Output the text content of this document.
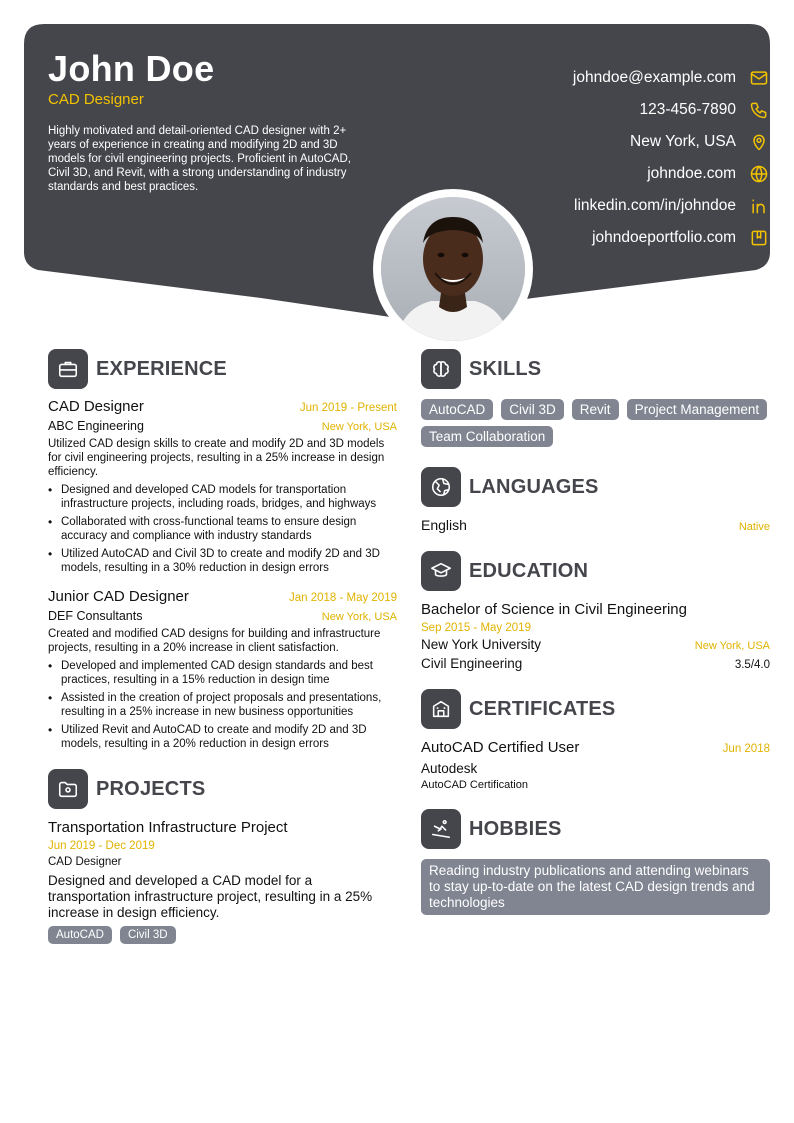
John Doe
CAD Designer
Highly motivated and detail-oriented CAD designer with 2+ years of experience in creating and modifying 2D and 3D models for civil engineering projects. Proficient in AutoCAD, Civil 3D, and Revit, with a strong understanding of industry standards and best practices.
johndoe@example.com
123-456-7890
New York, USA
johndoe.com
linkedin.com/in/johndoe
johndoeportfolio.com
EXPERIENCE
CAD Designer	Jun 2019 - Present
ABC Engineering	New York, USA
Utilized CAD design skills to create and modify 2D and 3D models for civil engineering projects, resulting in a 25% increase in design efficiency.
• Designed and developed CAD models for transportation infrastructure projects, including roads, bridges, and highways
• Collaborated with cross-functional teams to ensure design accuracy and compliance with industry standards
• Utilized AutoCAD and Civil 3D to create and modify 2D and 3D models, resulting in a 30% reduction in design errors
Junior CAD Designer	Jan 2018 - May 2019
DEF Consultants	New York, USA
Created and modified CAD designs for building and infrastructure projects, resulting in a 20% increase in client satisfaction.
• Developed and implemented CAD design standards and best practices, resulting in a 15% reduction in design time
• Assisted in the creation of project proposals and presentations, resulting in a 25% increase in new business opportunities
• Utilized Revit and AutoCAD to create and modify 2D and 3D models, resulting in a 20% reduction in design errors
PROJECTS
Transportation Infrastructure Project
Jun 2019 - Dec 2019
CAD Designer
Designed and developed a CAD model for a transportation infrastructure project, resulting in a 25% increase in design efficiency.
AutoCAD	Civil 3D
SKILLS
AutoCAD	Civil 3D	Revit	Project Management
Team Collaboration
LANGUAGES
English	Native
EDUCATION
Bachelor of Science in Civil Engineering
Sep 2015 - May 2019
New York University	New York, USA
Civil Engineering	3.5/4.0
CERTIFICATES
AutoCAD Certified User	Jun 2018
Autodesk
AutoCAD Certification
HOBBIES
Reading industry publications and attending webinars to stay up-to-date on the latest CAD design trends and technologies
